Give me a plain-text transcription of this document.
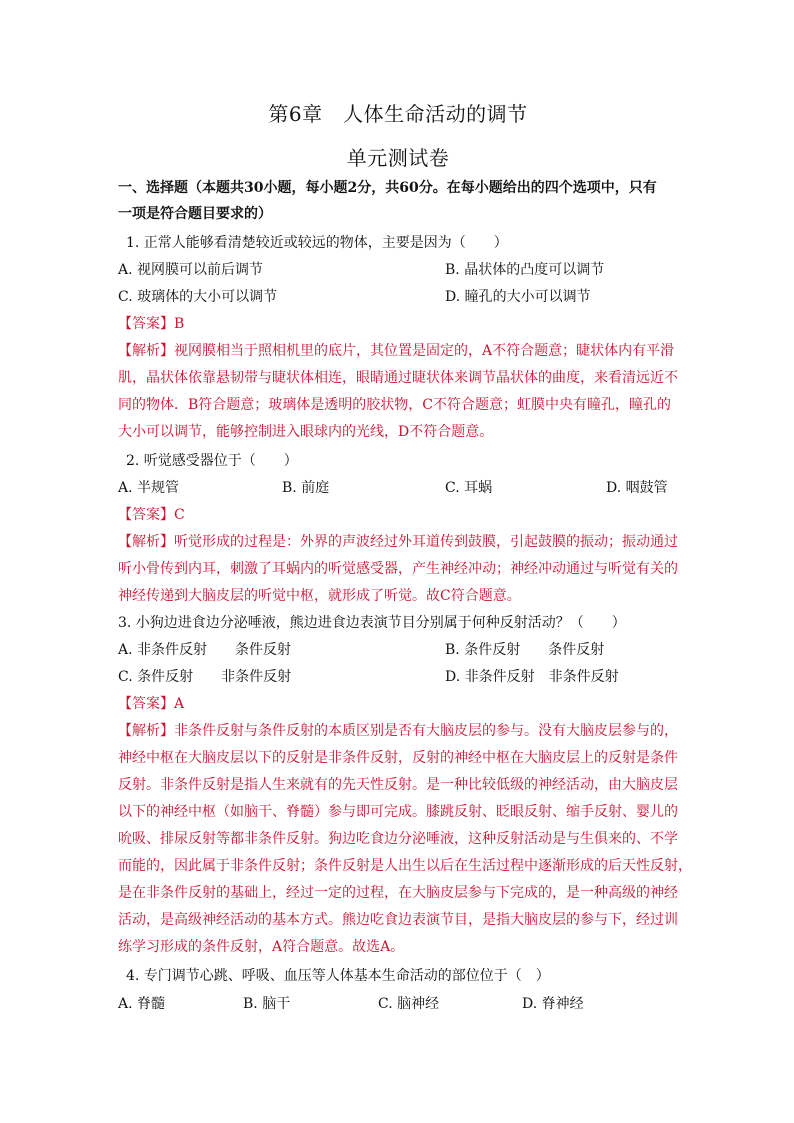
第6章　人体生命活动的调节
单元测试卷
一、选择题（本题共30小题，每小题2分，共60分。在每小题给出的四个选项中，只有
一项是符合题目要求的）
1. 正常人能够看清楚较近或较远的物体，主要是因为（　　）
A. 视网膜可以前后调节	B. 晶状体的凸度可以调节
C. 玻璃体的大小可以调节	D. 瞳孔的大小可以调节
【答案】B
【解析】视网膜相当于照相机里的底片，其位置是固定的，A不符合题意；睫状体内有平滑
肌，晶状体依靠悬韧带与睫状体相连，眼睛通过睫状体来调节晶状体的曲度，来看清远近不
同的物体．B符合题意；玻璃体是透明的胶状物，C不符合题意；虹膜中央有瞳孔，瞳孔的
大小可以调节，能够控制进入眼球内的光线，D不符合题意。
2. 听觉感受器位于（　　）
A. 半规管	B. 前庭	C. 耳蜗	D. 咽鼓管
【答案】C
【解析】听觉形成的过程是：外界的声波经过外耳道传到鼓膜，引起鼓膜的振动；振动通过
听小骨传到内耳，刺激了耳蜗内的听觉感受器，产生神经冲动；神经冲动通过与听觉有关的
神经传递到大脑皮层的听觉中枢，就形成了听觉。故C符合题意。
3. 小狗边进食边分泌唾液，熊边进食边表演节目分别属于何种反射活动？（　　）
A. 非条件反射　　条件反射	B. 条件反射　　条件反射
C. 条件反射　　非条件反射	D. 非条件反射　非条件反射
【答案】A
【解析】非条件反射与条件反射的本质区别是否有大脑皮层的参与。没有大脑皮层参与的，
神经中枢在大脑皮层以下的反射是非条件反射，反射的神经中枢在大脑皮层上的反射是条件
反射。非条件反射是指人生来就有的先天性反射。是一种比较低级的神经活动，由大脑皮层
以下的神经中枢（如脑干、脊髓）参与即可完成。膝跳反射、眨眼反射、缩手反射、婴儿的
吮吸、排尿反射等都非条件反射。狗边吃食边分泌唾液，这种反射活动是与生俱来的、不学
而能的，因此属于非条件反射；条件反射是人出生以后在生活过程中逐渐形成的后天性反射，
是在非条件反射的基础上，经过一定的过程，在大脑皮层参与下完成的，是一种高级的神经
活动，是高级神经活动的基本方式。熊边吃食边表演节目，是指大脑皮层的参与下，经过训
练学习形成的条件反射，A符合题意。故选A。
4. 专门调节心跳、呼吸、血压等人体基本生命活动的部位位于（　）
A. 脊髓	B. 脑干	C. 脑神经	D. 脊神经
